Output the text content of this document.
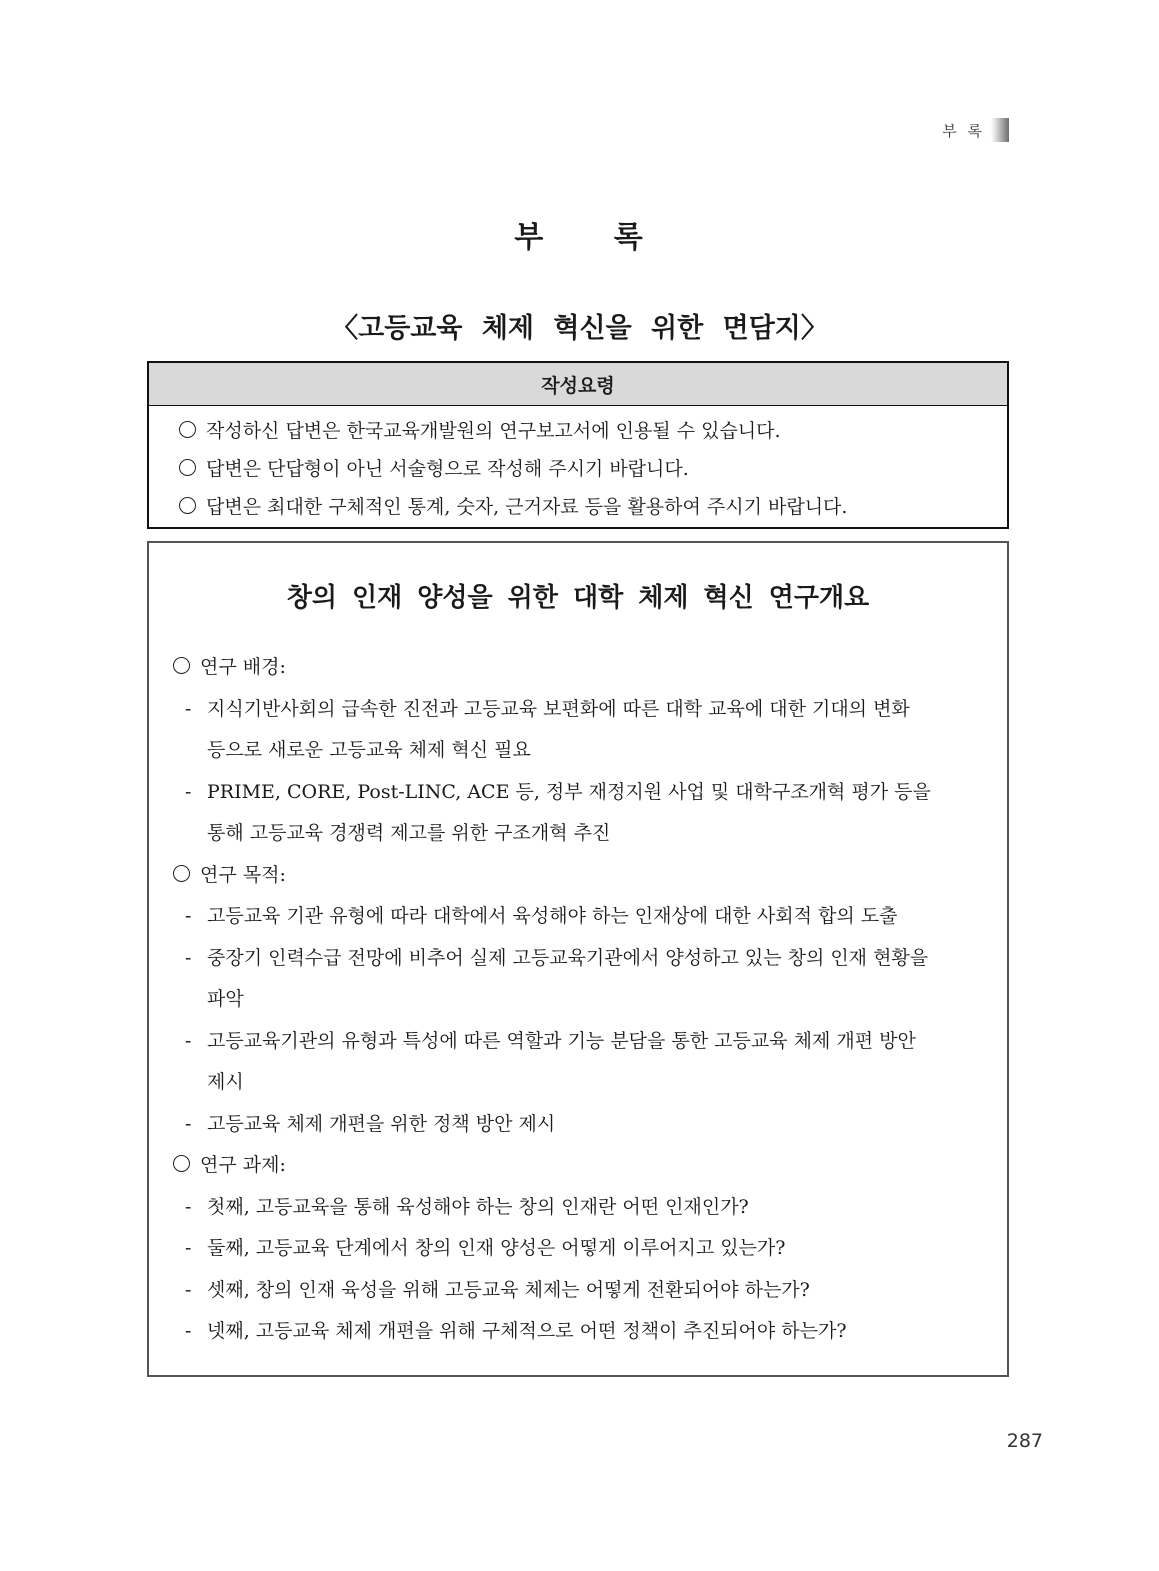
부 록
부 록
〈고등교육 체제 혁신을 위한 면담지〉
작성요령
작성하신 답변은 한국교육개발원의 연구보고서에 인용될 수 있습니다.
답변은 단답형이 아닌 서술형으로 작성해 주시기 바랍니다.
답변은 최대한 구체적인 통계, 숫자, 근거자료 등을 활용하여 주시기 바랍니다.
창의 인재 양성을 위한 대학 체제 혁신 연구개요
연구 배경:
- 지식기반사회의 급속한 진전과 고등교육 보편화에 따른 대학 교육에 대한 기대의 변화
등으로 새로운 고등교육 체제 혁신 필요
- PRIME, CORE, Post-LINC, ACE 등, 정부 재정지원 사업 및 대학구조개혁 평가 등을
통해 고등교육 경쟁력 제고를 위한 구조개혁 추진
연구 목적:
- 고등교육 기관 유형에 따라 대학에서 육성해야 하는 인재상에 대한 사회적 합의 도출
- 중장기 인력수급 전망에 비추어 실제 고등교육기관에서 양성하고 있는 창의 인재 현황을
파악
- 고등교육기관의 유형과 특성에 따른 역할과 기능 분담을 통한 고등교육 체제 개편 방안
제시
- 고등교육 체제 개편을 위한 정책 방안 제시
연구 과제:
- 첫째, 고등교육을 통해 육성해야 하는 창의 인재란 어떤 인재인가?
- 둘째, 고등교육 단계에서 창의 인재 양성은 어떻게 이루어지고 있는가?
- 셋째, 창의 인재 육성을 위해 고등교육 체제는 어떻게 전환되어야 하는가?
- 넷째, 고등교육 체제 개편을 위해 구체적으로 어떤 정책이 추진되어야 하는가?
287
